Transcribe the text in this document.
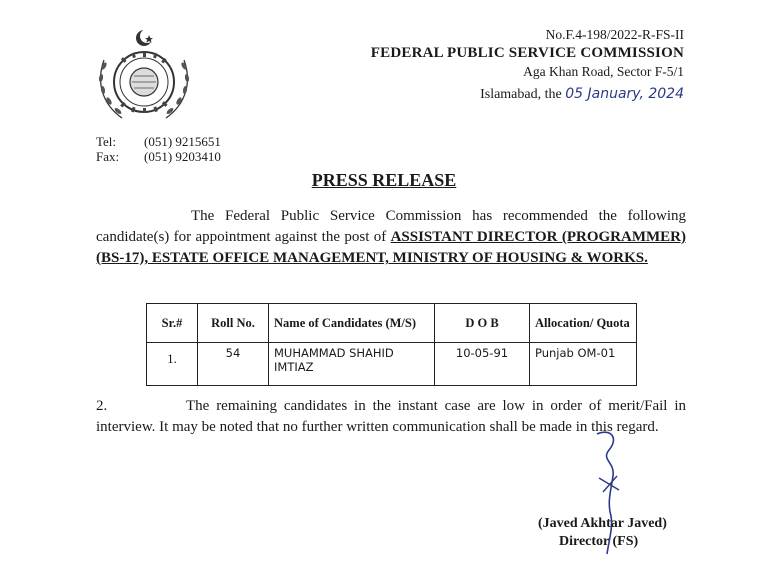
No.F.4-198/2022-R-FS-II
FEDERAL PUBLIC SERVICE COMMISSION
Aga Khan Road, Sector F-5/1
Islamabad, the 05 January, 2024
Tel: (051) 9215651
Fax: (051) 9203410
PRESS RELEASE
The Federal Public Service Commission has recommended the following candidate(s) for appointment against the post of ASSISTANT DIRECTOR (PROGRAMMER) (BS-17), ESTATE OFFICE MANAGEMENT, MINISTRY OF HOUSING & WORKS.
Sr.#	Roll No.	Name of Candidates (M/S)	D O B	Allocation/ Quota
1.	54	MUHAMMAD SHAHID IMTIAZ	10-05-91	Punjab OM-01
2.	The remaining candidates in the instant case are low in order of merit/Fail in interview. It may be noted that no further written communication shall be made in this regard.
(Javed Akhtar Javed)
Director (FS)
